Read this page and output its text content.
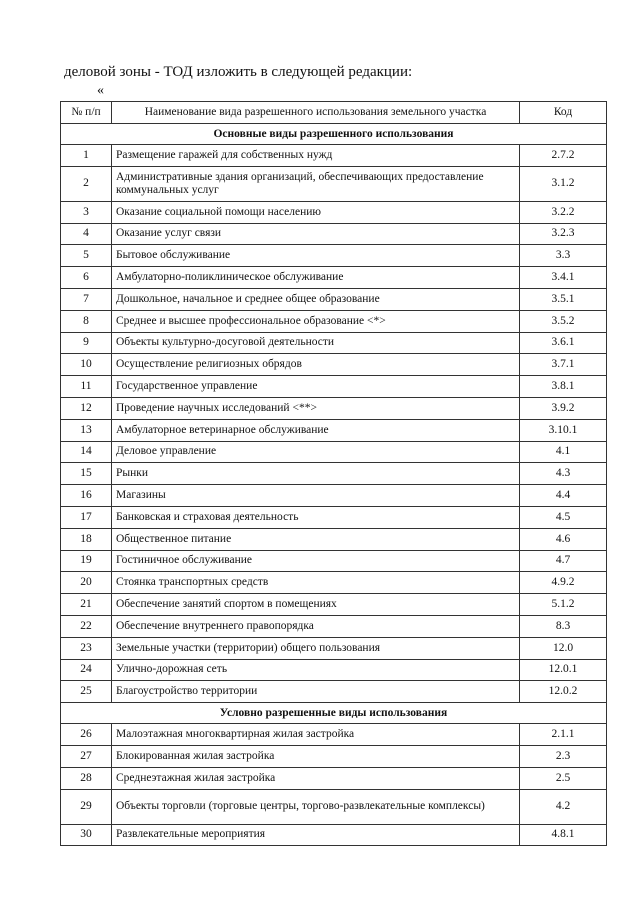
деловой зоны - ТОД изложить в следующей редакции:
«
№ п/п	Наименование вида разрешенного использования земельного участка	Код
Основные виды разрешенного использования		
1	Размещение гаражей для собственных нужд	2.7.2
2	Административные здания организаций, обеспечивающих предоставление коммунальных услуг	3.1.2
3	Оказание социальной помощи населению	3.2.2
4	Оказание услуг связи	3.2.3
5	Бытовое обслуживание	3.3
6	Амбулаторно-поликлиническое обслуживание	3.4.1
7	Дошкольное, начальное и среднее общее образование	3.5.1
8	Среднее и высшее профессиональное образование <*>	3.5.2
9	Объекты культурно-досуговой деятельности	3.6.1
10	Осуществление религиозных обрядов	3.7.1
11	Государственное управление	3.8.1
12	Проведение научных исследований <**>	3.9.2
13	Амбулаторное ветеринарное обслуживание	3.10.1
14	Деловое управление	4.1
15	Рынки	4.3
16	Магазины	4.4
17	Банковская и страховая деятельность	4.5
18	Общественное питание	4.6
19	Гостиничное обслуживание	4.7
20	Стоянка транспортных средств	4.9.2
21	Обеспечение занятий спортом в помещениях	5.1.2
22	Обеспечение внутреннего правопорядка	8.3
23	Земельные участки (территории) общего пользования	12.0
24	Улично-дорожная сеть	12.0.1
25	Благоустройство территории	12.0.2
Условно разрешенные виды использования		
26	Малоэтажная многоквартирная жилая застройка	2.1.1
27	Блокированная жилая застройка	2.3
28	Среднеэтажная жилая застройка	2.5
29	Объекты торговли (торговые центры, торгово-развлекательные комплексы)	4.2
30	Развлекательные мероприятия	4.8.1
